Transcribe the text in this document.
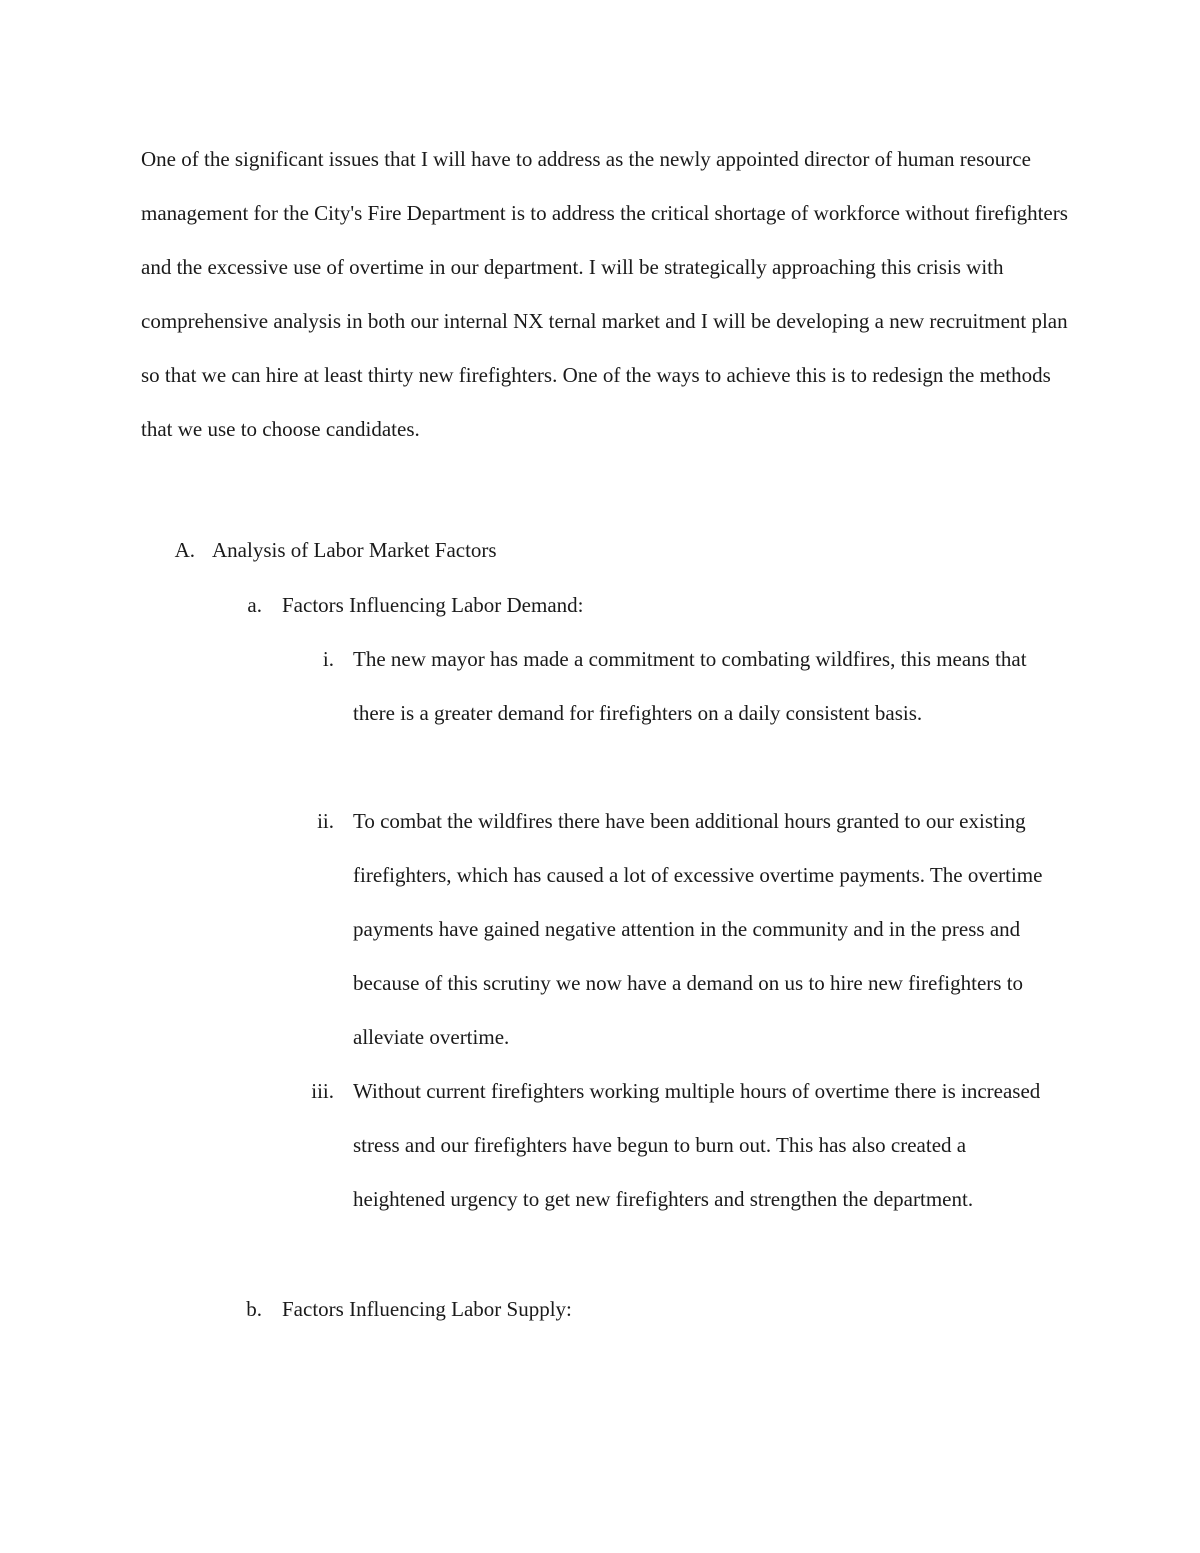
One of the significant issues that I will have to address as the newly appointed director of human resource management for the City's Fire Department is to address the critical shortage of workforce without firefighters and the excessive use of overtime in our department. I will be strategically approaching this crisis with comprehensive analysis in both our internal NX ternal market and I will be developing a new recruitment plan so that we can hire at least thirty new firefighters. One of the ways to achieve this is to redesign the methods that we use to choose candidates.

A. Analysis of Labor Market Factors
a. Factors Influencing Labor Demand:
i. The new mayor has made a commitment to combating wildfires, this means that there is a greater demand for firefighters on a daily consistent basis.

ii. To combat the wildfires there have been additional hours granted to our existing firefighters, which has caused a lot of excessive overtime payments. The overtime payments have gained negative attention in the community and in the press and because of this scrutiny we now have a demand on us to hire new firefighters to alleviate overtime.

iii. Without current firefighters working multiple hours of overtime there is increased stress and our firefighters have begun to burn out. This has also created a heightened urgency to get new firefighters and strengthen the department.

b. Factors Influencing Labor Supply:
